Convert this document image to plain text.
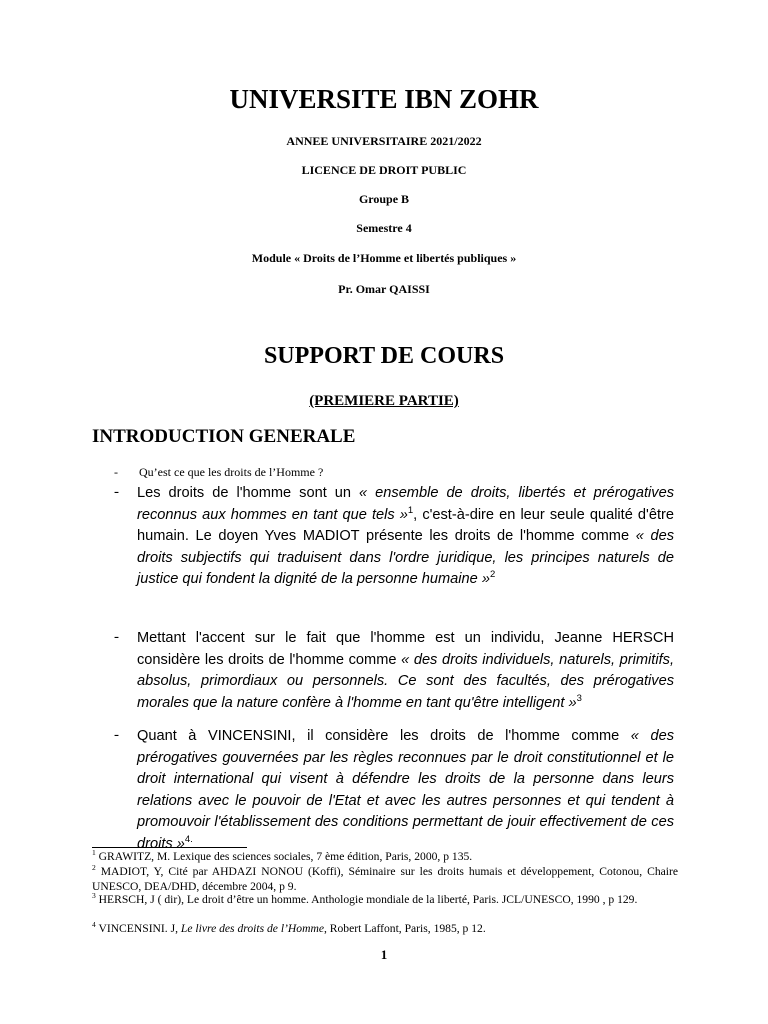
UNIVERSITE IBN ZOHR
ANNEE UNIVERSITAIRE 2021/2022
LICENCE DE DROIT PUBLIC
Groupe B
Semestre 4
Module « Droits de l’Homme et libertés publiques »
Pr. Omar QAISSI
SUPPORT DE COURS
(PREMIERE PARTIE)
INTRODUCTION GENERALE
- Qu’est ce que les droits de l’Homme ?
- Les droits de l'homme sont un « ensemble de droits, libertés et prérogatives reconnus aux hommes en tant que tels »$^1$, c'est-à-dire en leur seule qualité d'être humain. Le doyen Yves MADIOT présente les droits de l'homme comme « des droits subjectifs qui traduisent dans l'ordre juridique, les principes naturels de justice qui fondent la dignité de la personne humaine »$^2$
- Mettant l'accent sur le fait que l'homme est un individu, Jeanne HERSCH considère les droits de l'homme comme « des droits individuels, naturels, primitifs, absolus, primordiaux ou personnels. Ce sont des facultés, des prérogatives morales que la nature confère à l'homme en tant qu'être intelligent »$^3$
- Quant à VINCENSINI, il considère les droits de l'homme comme « des prérogatives gouvernées par les règles reconnues par le droit constitutionnel et le droit international qui visent à défendre les droits de la personne dans leurs relations avec le pouvoir de l'Etat et avec les autres personnes et qui tendent à promouvoir l'établissement des conditions permettant de jouir effectivement de ces droits »$^{4.}$
$^1$ GRAWITZ, M. Lexique des sciences sociales, 7 ème édition, Paris, 2000, p 135.
$^2$ MADIOT, Y, Cité par AHDAZI NONOU (Koffi), Séminaire sur les droits humais et développement, Cotonou, Chaire UNESCO, DEA/DHD, décembre 2004, p 9.
$^3$ HERSCH, J ( dir), Le droit d’être un homme. Anthologie mondiale de la liberté, Paris. JCL/UNESCO, 1990 , p 129.
$^4$ VINCENSINI. J, Le livre des droits de l’Homme, Robert Laffont, Paris, 1985, p 12.
1
